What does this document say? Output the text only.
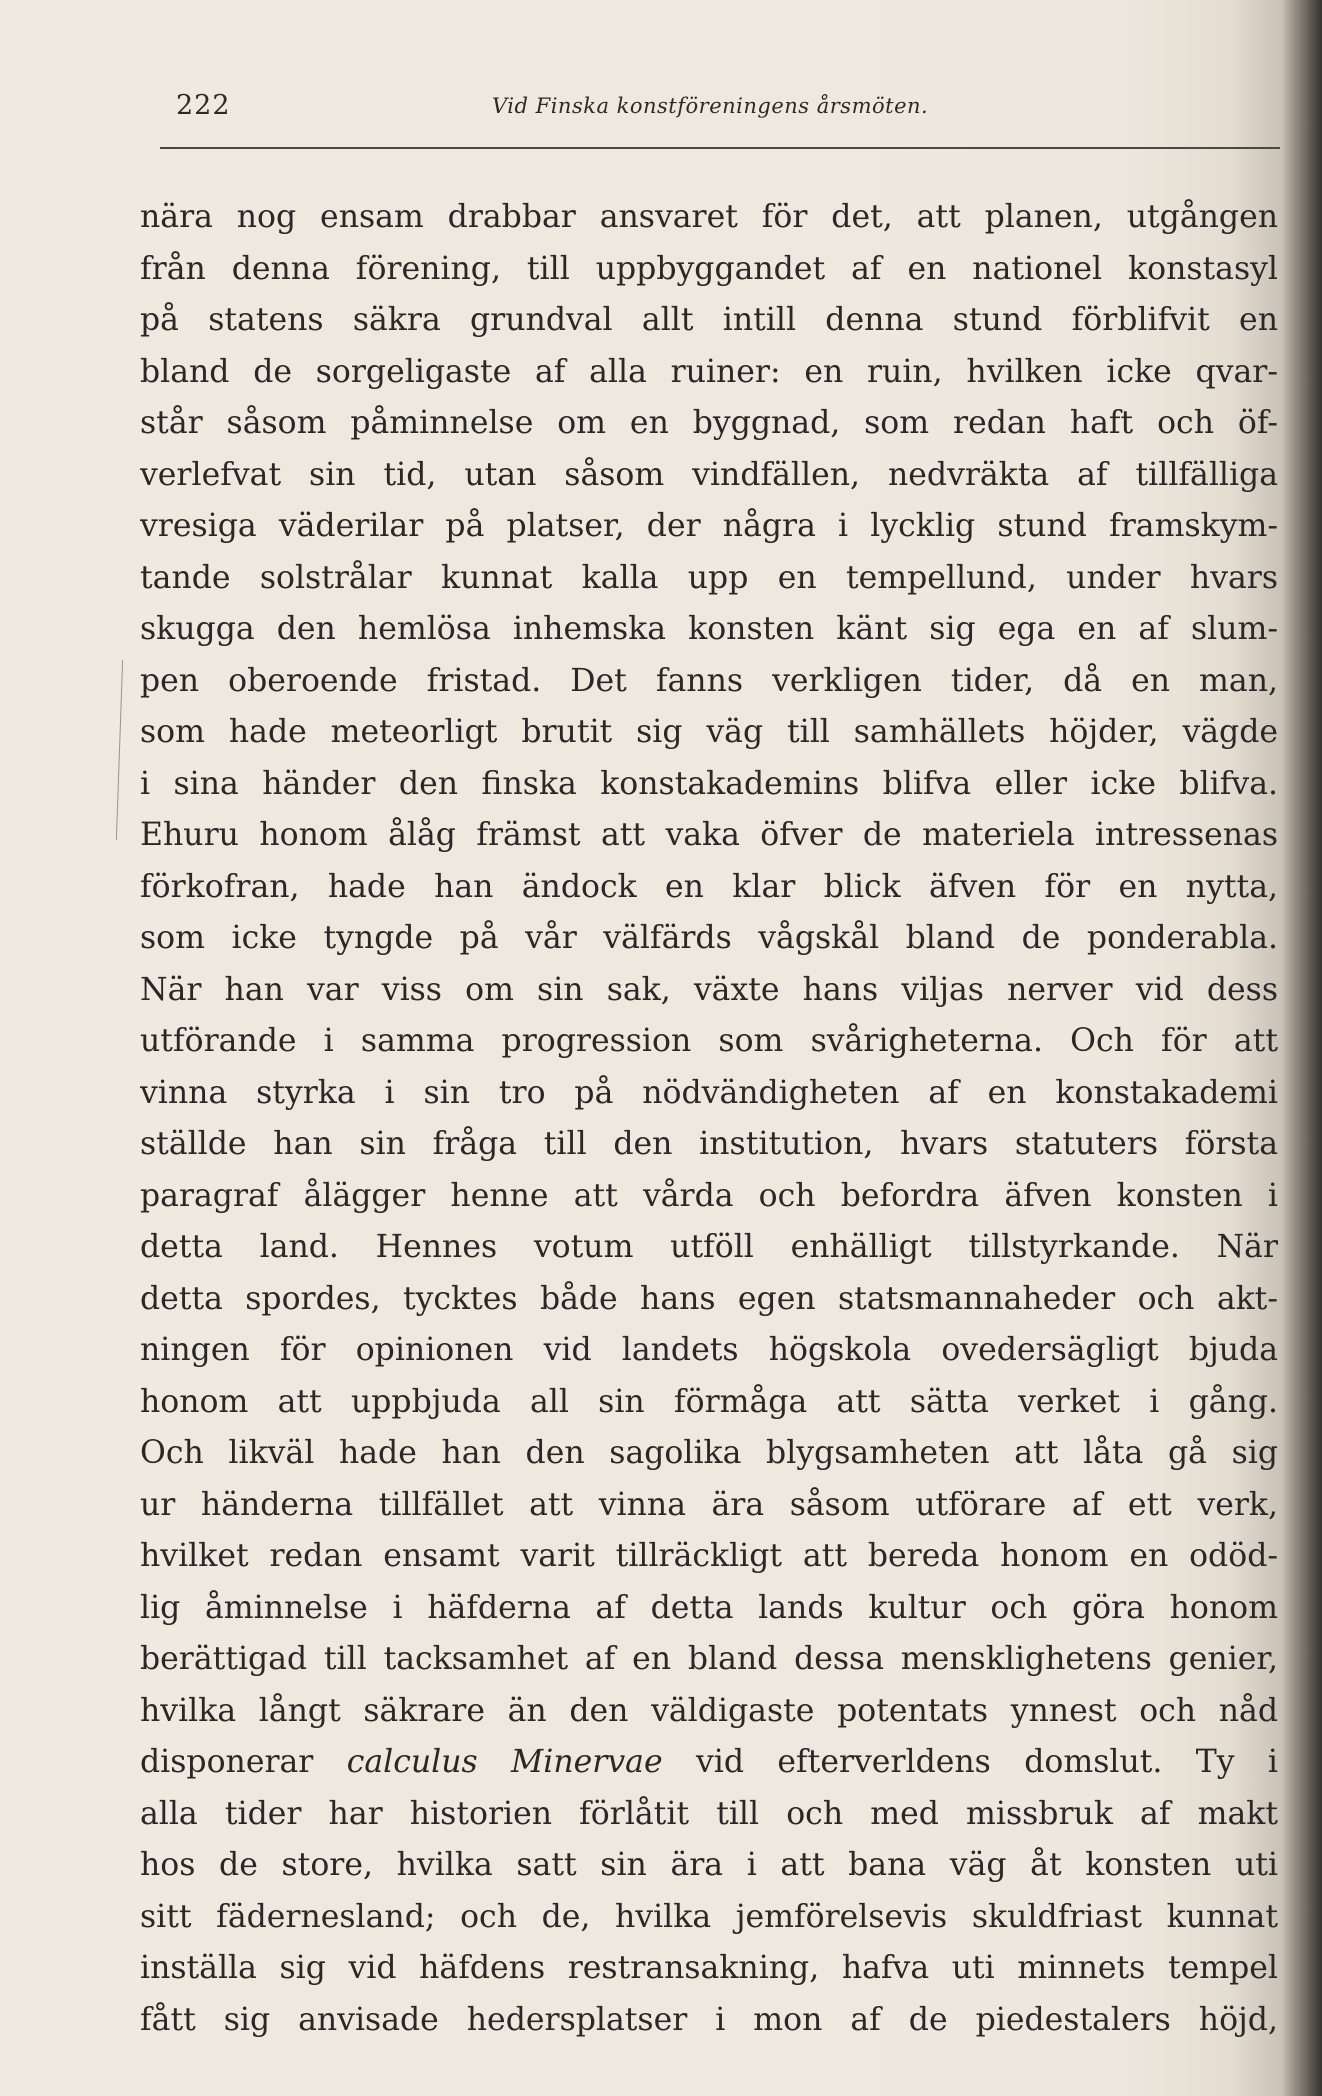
222	Vid Finska konstföreningens årsmöten.
nära nog ensam drabbar ansvaret för det, att planen, utgången
från denna förening, till uppbyggandet af en nationel konstasyl
på statens säkra grundval allt intill denna stund förblifvit en
bland de sorgeligaste af alla ruiner: en ruin, hvilken icke qvar-
står såsom påminnelse om en byggnad, som redan haft och öf-
verlefvat sin tid, utan såsom vindfällen, nedvräkta af tillfälliga
vresiga väderilar på platser, der några i lycklig stund framskym-
tande solstrålar kunnat kalla upp en tempellund, under hvars
skugga den hemlösa inhemska konsten känt sig ega en af slum-
pen oberoende fristad. Det fanns verkligen tider, då en man,
som hade meteorligt brutit sig väg till samhällets höjder, vägde
i sina händer den finska konstakademins blifva eller icke blifva.
Ehuru honom ålåg främst att vaka öfver de materiela intressenas
förkofran, hade han ändock en klar blick äfven för en nytta,
som icke tyngde på vår välfärds vågskål bland de ponderabla.
När han var viss om sin sak, växte hans viljas nerver vid dess
utförande i samma progression som svårigheterna. Och för att
vinna styrka i sin tro på nödvändigheten af en konstakademi
ställde han sin fråga till den institution, hvars statuters första
paragraf ålägger henne att vårda och befordra äfven konsten i
detta land. Hennes votum utföll enhälligt tillstyrkande. När
detta spordes, tycktes både hans egen statsmannaheder och akt-
ningen för opinionen vid landets högskola ovedersägligt bjuda
honom att uppbjuda all sin förmåga att sätta verket i gång.
Och likväl hade han den sagolika blygsamheten att låta gå sig
ur händerna tillfället att vinna ära såsom utförare af ett verk,
hvilket redan ensamt varit tillräckligt att bereda honom en odöd-
lig åminnelse i häfderna af detta lands kultur och göra honom
berättigad till tacksamhet af en bland dessa mensklighetens genier,
hvilka långt säkrare än den väldigaste potentats ynnest och nåd
disponerar calculus Minervae vid efterverldens domslut. Ty i
alla tider har historien förlåtit till och med missbruk af makt
hos de store, hvilka satt sin ära i att bana väg åt konsten uti
sitt fädernesland; och de, hvilka jemförelsevis skuldfriast kunnat
inställa sig vid häfdens restransakning, hafva uti minnets tempel
fått sig anvisade hedersplatser i mon af de piedestalers höjd,
